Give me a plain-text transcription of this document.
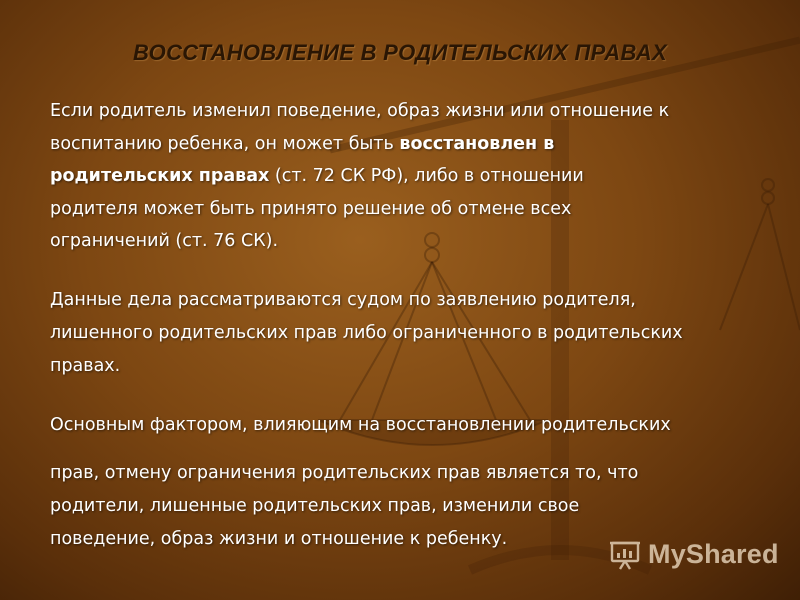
ВОССТАНОВЛЕНИЕ В РОДИТЕЛЬСКИХ ПРАВАХ

Если родитель изменил поведение, образ жизни или отношение к
воспитанию ребенка, он может быть восстановлен в
родительских правах (ст. 72 СК РФ), либо в отношении
родителя может быть принято решение об отмене всех
ограничений (ст. 76 СК).

Данные дела рассматриваются судом по заявлению родителя,
лишенного родительских прав либо ограниченного в родительских
правах.

Основным фактором, влияющим на восстановлении родительских

прав, отмену ограничения родительских прав является то, что
родители, лишенные родительских прав, изменили свое
поведение, образ жизни и отношение к ребенку.	MyShared
